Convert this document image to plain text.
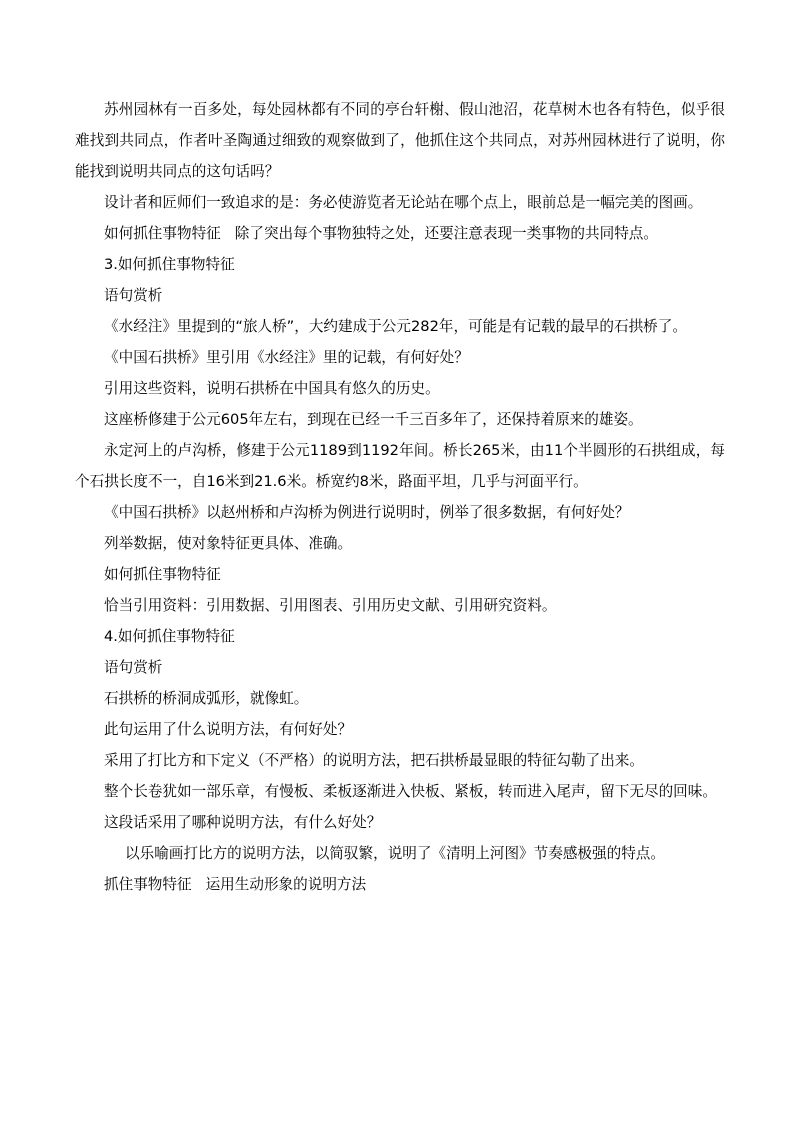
苏州园林有一百多处，每处园林都有不同的亭台轩榭、假山池沼，花草树木也各有特色，似乎很难找到共同点，作者叶圣陶通过细致的观察做到了，他抓住这个共同点，对苏州园林进行了说明，你能找到说明共同点的这句话吗？

设计者和匠师们一致追求的是：务必使游览者无论站在哪个点上，眼前总是一幅完美的图画。

如何抓住事物特征 除了突出每个事物独特之处，还要注意表现一类事物的共同特点。

3.如何抓住事物特征

语句赏析

《水经注》里提到的“旅人桥”，大约建成于公元282年，可能是有记载的最早的石拱桥了。

《中国石拱桥》里引用《水经注》里的记载，有何好处？

引用这些资料，说明石拱桥在中国具有悠久的历史。

这座桥修建于公元605年左右，到现在已经一千三百多年了，还保持着原来的雄姿。

永定河上的卢沟桥，修建于公元1189到1192年间。桥长265米，由11个半圆形的石拱组成，每个石拱长度不一，自16米到21.6米。桥宽约8米，路面平坦，几乎与河面平行。

《中国石拱桥》以赵州桥和卢沟桥为例进行说明时，例举了很多数据，有何好处？

列举数据，使对象特征更具体、准确。

如何抓住事物特征

恰当引用资料：引用数据、引用图表、引用历史文献、引用研究资料。

4.如何抓住事物特征

语句赏析

石拱桥的桥洞成弧形，就像虹。

此句运用了什么说明方法，有何好处？

采用了打比方和下定义（不严格）的说明方法，把石拱桥最显眼的特征勾勒了出来。

整个长卷犹如一部乐章，有慢板、柔板逐渐进入快板、紧板，转而进入尾声，留下无尽的回味。

这段话采用了哪种说明方法，有什么好处？

以乐喻画打比方的说明方法，以简驭繁，说明了《清明上河图》节奏感极强的特点。

抓住事物特征 运用生动形象的说明方法
